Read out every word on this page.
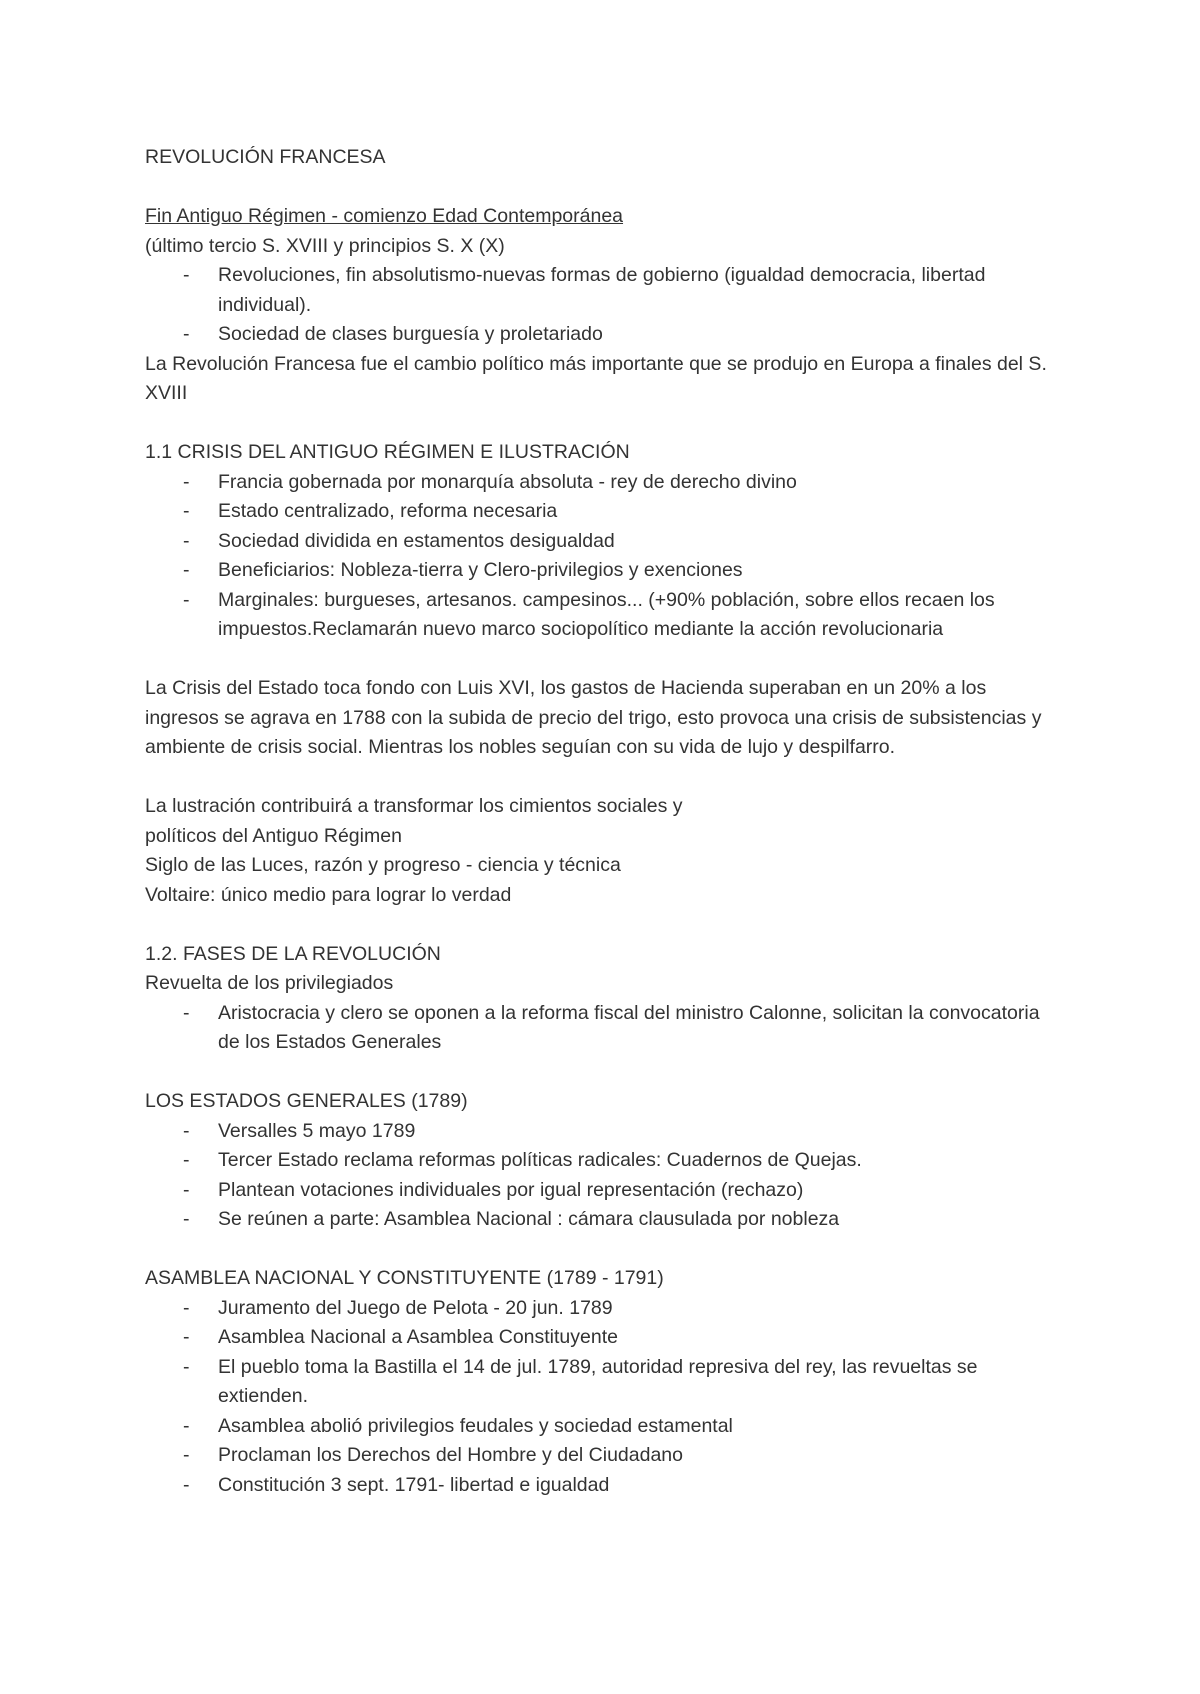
REVOLUCIÓN FRANCESA

Fin Antiguo Régimen - comienzo Edad Contemporánea

(último tercio S. XVIII y principios S. X (X)

- Revoluciones, fin absolutismo-nuevas formas de gobierno (igualdad democracia, libertad individual).
- Sociedad de clases burguesía y proletariado

La Revolución Francesa fue el cambio político más importante que se produjo en Europa a finales del S. XVIII

1.1 CRISIS DEL ANTIGUO RÉGIMEN E ILUSTRACIÓN

- Francia gobernada por monarquía absoluta - rey de derecho divino
- Estado centralizado, reforma necesaria
- Sociedad dividida en estamentos desigualdad
- Beneficiarios: Nobleza-tierra y Clero-privilegios y exenciones
- Marginales: burgueses, artesanos. campesinos... (+90% población, sobre ellos recaen los impuestos.Reclamarán nuevo marco sociopolítico mediante la acción revolucionaria

La Crisis del Estado toca fondo con Luis XVI, los gastos de Hacienda superaban en un 20% a los ingresos se agrava en 1788 con la subida de precio del trigo, esto provoca una crisis de subsistencias y ambiente de crisis social. Mientras los nobles seguían con su vida de lujo y despilfarro.

La lustración contribuirá a transformar los cimientos sociales y

políticos del Antiguo Régimen

Siglo de las Luces, razón y progreso - ciencia y técnica

Voltaire: único medio para lograr lo verdad

1.2. FASES DE LA REVOLUCIÓN

Revuelta de los privilegiados

- Aristocracia y clero se oponen a la reforma fiscal del ministro Calonne, solicitan la convocatoria de los Estados Generales

LOS ESTADOS GENERALES (1789)

- Versalles 5 mayo 1789
- Tercer Estado reclama reformas políticas radicales: Cuadernos de Quejas.
- Plantean votaciones individuales por igual representación (rechazo)
- Se reúnen a parte: Asamblea Nacional : cámara clausulada por nobleza

ASAMBLEA NACIONAL Y CONSTITUYENTE (1789 - 1791)

- Juramento del Juego de Pelota - 20 jun. 1789
- Asamblea Nacional a Asamblea Constituyente
- El pueblo toma la Bastilla el 14 de jul. 1789, autoridad represiva del rey, las revueltas se extienden.
- Asamblea abolió privilegios feudales y sociedad estamental
- Proclaman los Derechos del Hombre y del Ciudadano
- Constitución 3 sept. 1791- libertad e igualdad
